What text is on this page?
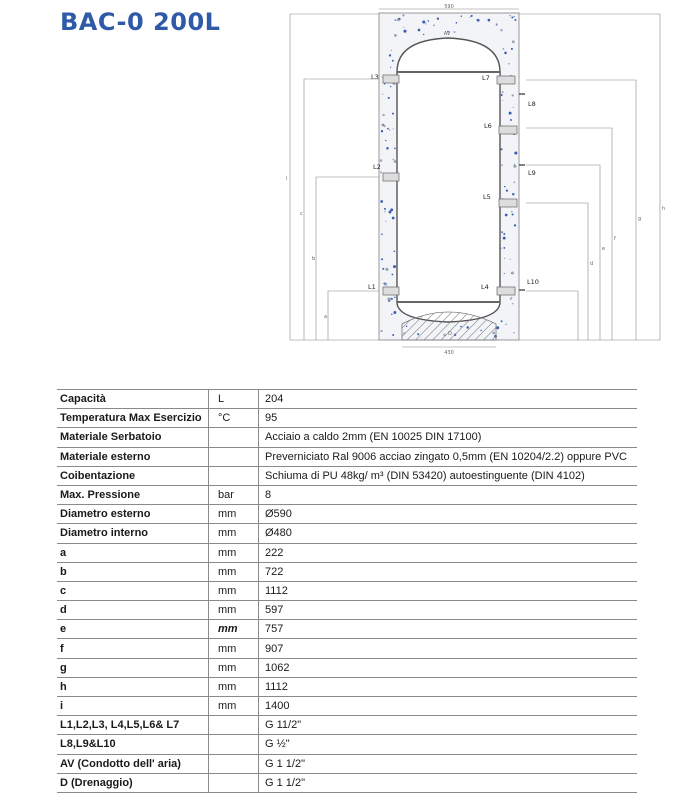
BAC-0 200L
590
430
AV
D
L3
L2
L1
L7
L8
L6
L9
L5
L4
L10
i
c
b
a
h
g
f
e
d
Capacità	L	204
Temperatura Max Esercizio	°C	95
Materiale Serbatoio		Acciaio a caldo 2mm (EN 10025 DIN 17100)
Materiale esterno		Preverniciato Ral 9006 acciao zingato 0,5mm (EN 10204/2.2) oppure PVC
Coibentazione		Schiuma di PU 48kg/ m³ (DIN 53420) autoestinguente (DIN 4102)
Max. Pressione	bar	8
Diametro esterno	mm	Ø590
Diametro interno	mm	Ø480
a	mm	222
b	mm	722
c	mm	1112
d	mm	597
e	mm	757
f	mm	907
g	mm	1062
h	mm	1112
i	mm	1400
L1,L2,L3, L4,L5,L6& L7		G 11/2"
L8,L9&L10		G ½"
AV (Condotto dell' aria)		G 1 1/2"
D (Drenaggio)		G 1 1/2"
